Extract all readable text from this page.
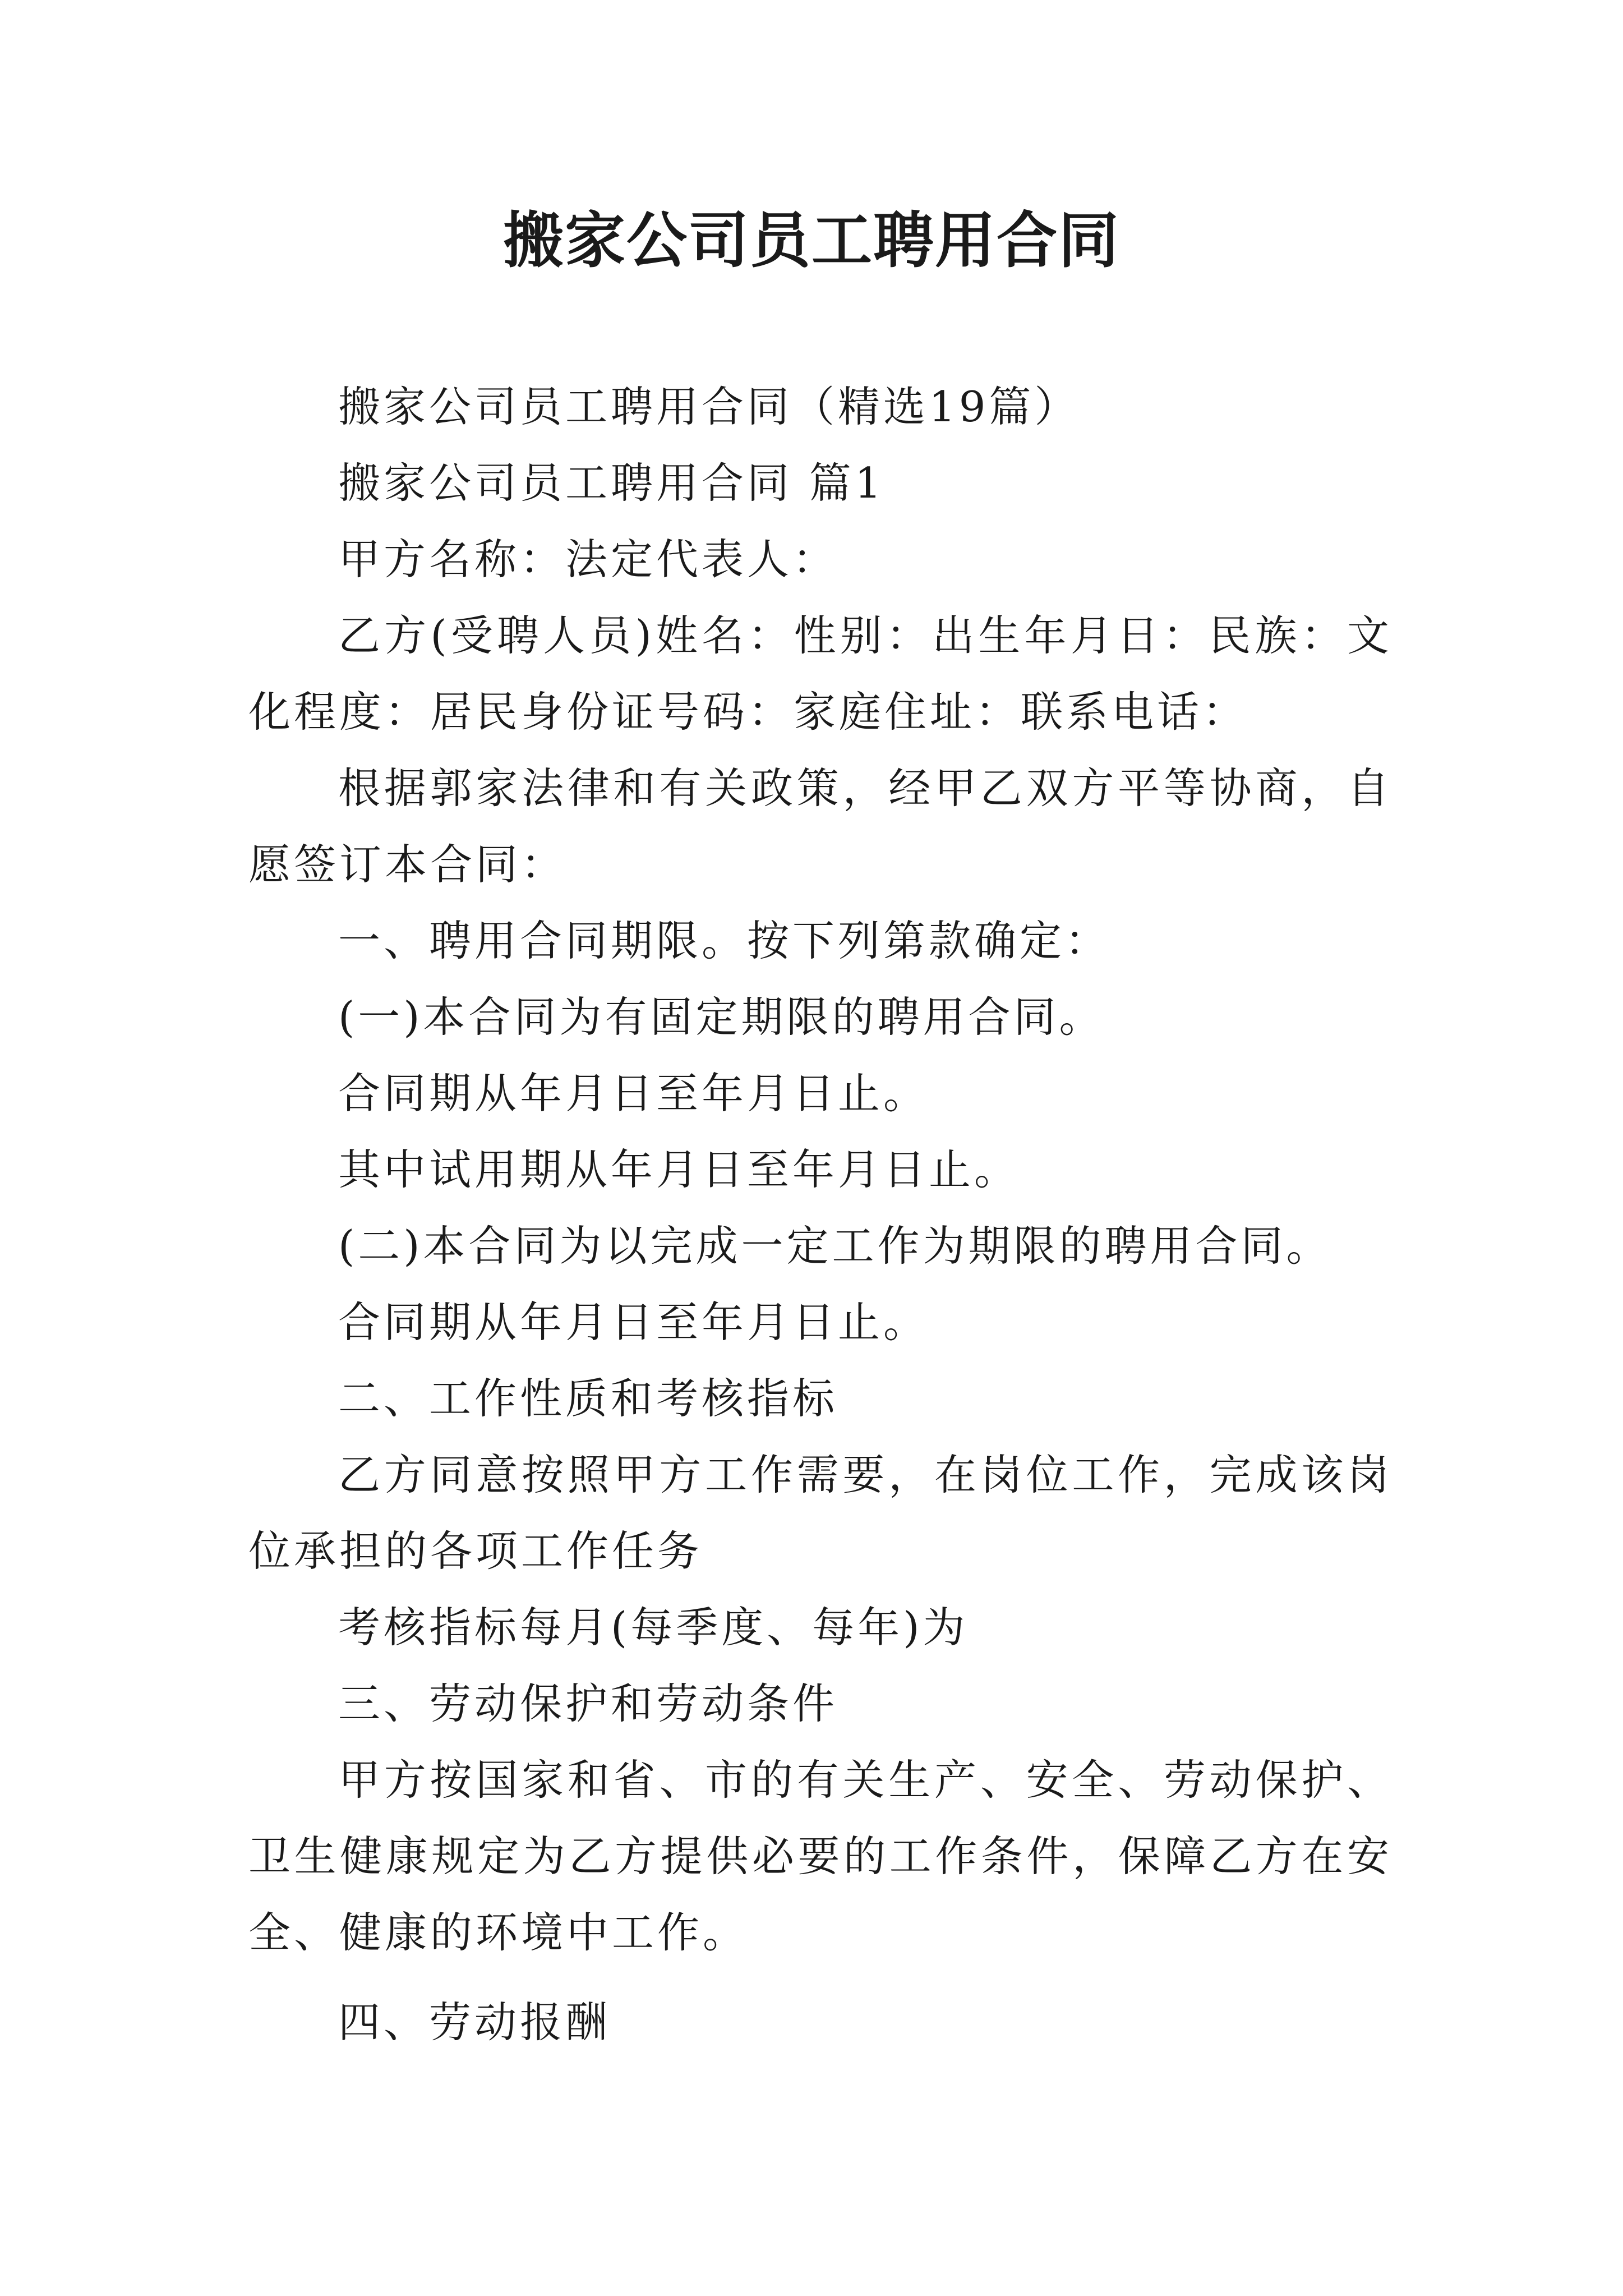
搬家公司员工聘用合同

搬家公司员工聘用合同（精选19篇）

搬家公司员工聘用合同 篇1

甲方名称：法定代表人：

乙方(受聘人员)姓名：性别：出生年月日：民族：文化程度：居民身份证号码：家庭住址：联系电话：

根据郭家法律和有关政策，经甲乙双方平等协商，自愿签订本合同：

一、聘用合同期限。按下列第款确定：

(一)本合同为有固定期限的聘用合同。

合同期从年月日至年月日止。

其中试用期从年月日至年月日止。

(二)本合同为以完成一定工作为期限的聘用合同。

合同期从年月日至年月日止。

二、工作性质和考核指标

乙方同意按照甲方工作需要，在岗位工作，完成该岗位承担的各项工作任务

考核指标每月(每季度、每年)为

三、劳动保护和劳动条件

甲方按国家和省、市的有关生产、安全、劳动保护、卫生健康规定为乙方提供必要的工作条件，保障乙方在安全、健康的环境中工作。

四、劳动报酬
